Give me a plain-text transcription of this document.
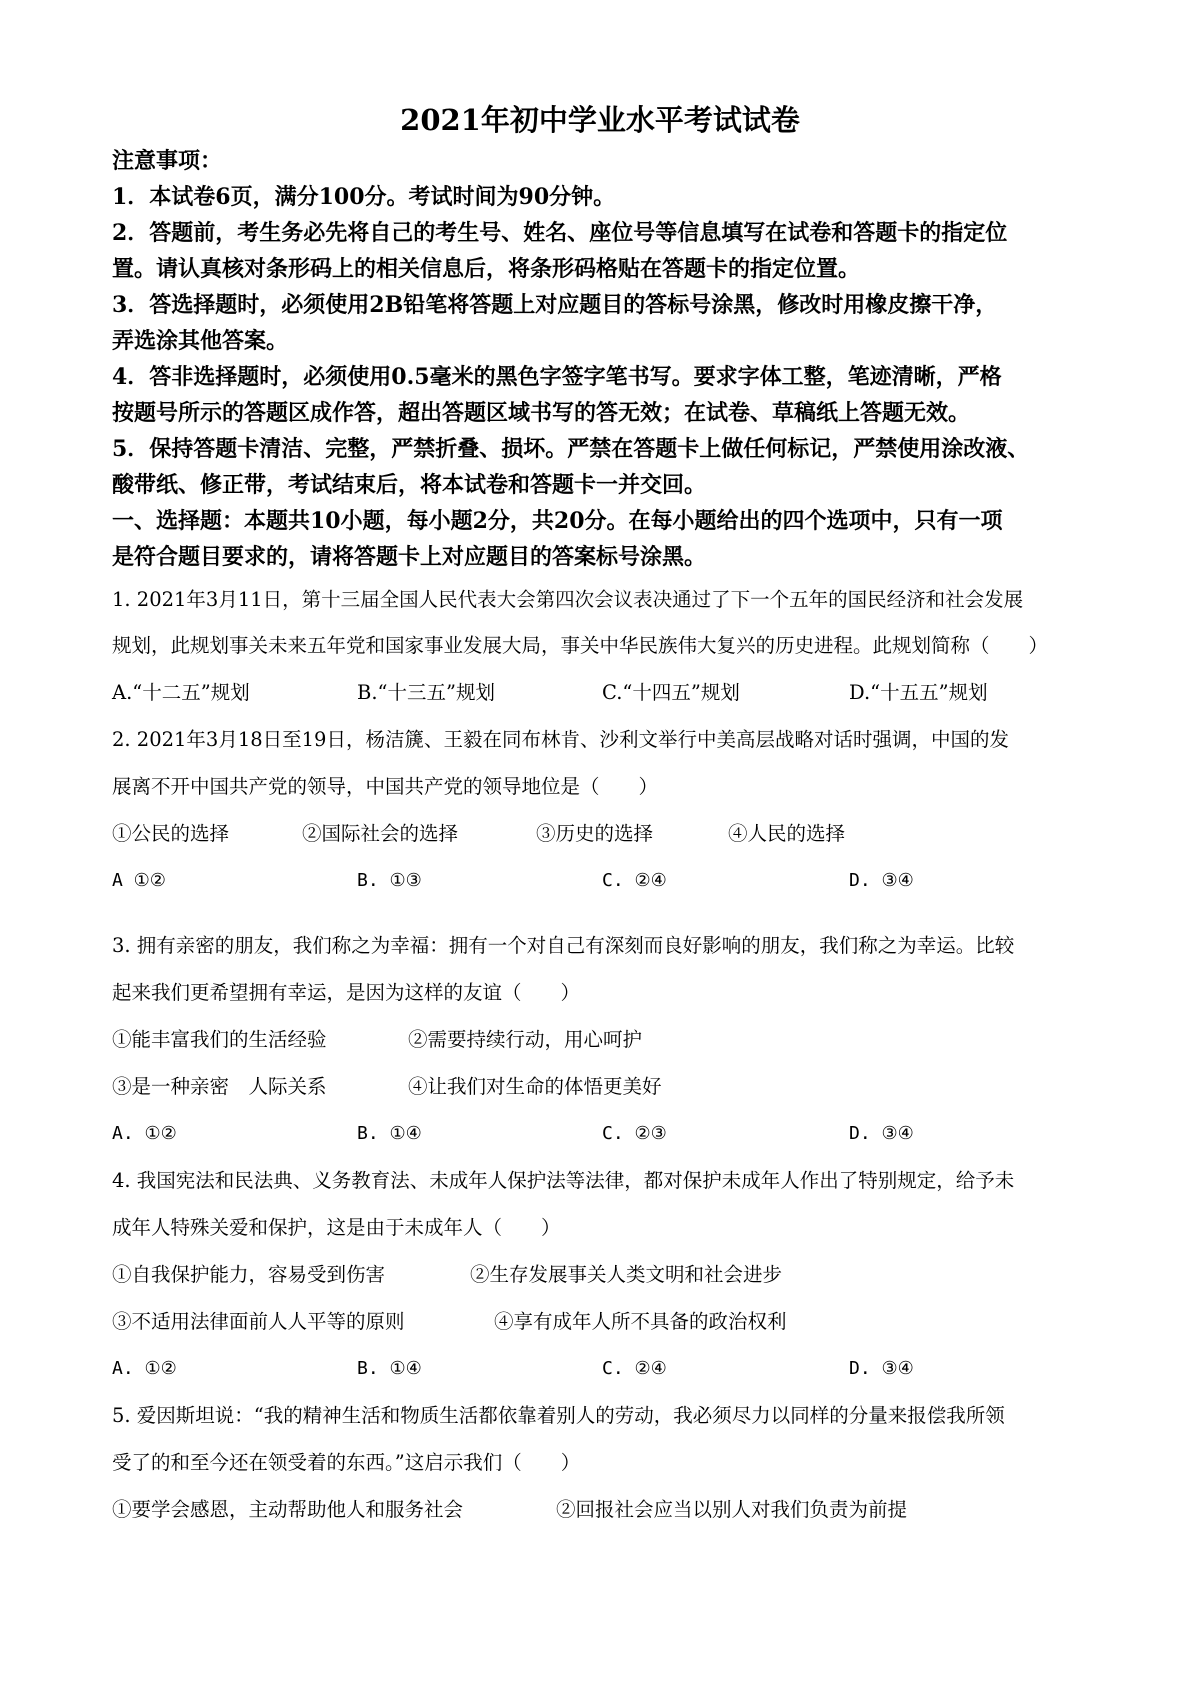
2021年初中学业水平考试试卷
注意事项：
1．本试卷6页，满分100分。考试时间为90分钟。
2．答题前，考生务必先将自己的考生号、姓名、座位号等信息填写在试卷和答题卡的指定位
置。请认真核对条形码上的相关信息后，将条形码格贴在答题卡的指定位置。
3．答选择题时，必须使用2B铅笔将答题上对应题目的答标号涂黑，修改时用橡皮擦干净，
弄选涂其他答案。
4．答非选择题时，必须使用0.5毫米的黑色字签字笔书写。要求字体工整，笔迹清晰，严格
按题号所示的答题区成作答，超出答题区域书写的答无效；在试卷、草稿纸上答题无效。
5．保持答题卡清洁、完整，严禁折叠、损坏。严禁在答题卡上做任何标记，严禁使用涂改液、
酸带纸、修正带，考试结束后，将本试卷和答题卡一并交回。
一、选择题：本题共10小题，每小题2分，共20分。在每小题给出的四个选项中，只有一项
是符合题目要求的，请将答题卡上对应题目的答案标号涂黑。
1. 2021年3月11日，第十三届全国人民代表大会第四次会议表决通过了下一个五年的国民经济和社会发展
规划，此规划事关未来五年党和国家事业发展大局，事关中华民族伟大复兴的历史进程。此规划简称（　　）
A.“十二五”规划	B.“十三五”规划	C.“十四五”规划	D.“十五五”规划
2. 2021年3月18日至19日，杨洁篪、王毅在同布林肯、沙利文举行中美高层战略对话时强调，中国的发
展离不开中国共产党的领导，中国共产党的领导地位是（　　）
①公民的选择	②国际社会的选择	③历史的选择	④人民的选择
A ①②	B. ①③	C. ②④	D. ③④
3. 拥有亲密的朋友，我们称之为幸福：拥有一个对自己有深刻而良好影响的朋友，我们称之为幸运。比较
起来我们更希望拥有幸运，是因为这样的友谊（　　）
①能丰富我们的生活经验	②需要持续行动，用心呵护
③是一种亲密　人际关系	④让我们对生命的体悟更美好
A. ①②	B. ①④	C. ②③	D. ③④
4. 我国宪法和民法典、义务教育法、未成年人保护法等法律，都对保护未成年人作出了特别规定，给予未
成年人特殊关爱和保护，这是由于未成年人（　　）
①自我保护能力，容易受到伤害	②生存发展事关人类文明和社会进步
③不适用法律面前人人平等的原则	④享有成年人所不具备的政治权利
A. ①②	B. ①④	C. ②④	D. ③④
5. 爱因斯坦说：“我的精神生活和物质生活都依靠着别人的劳动，我必须尽力以同样的分量来报偿我所领
受了的和至今还在领受着的东西。”这启示我们（　　）
①要学会感恩，主动帮助他人和服务社会	②回报社会应当以别人对我们负责为前提
